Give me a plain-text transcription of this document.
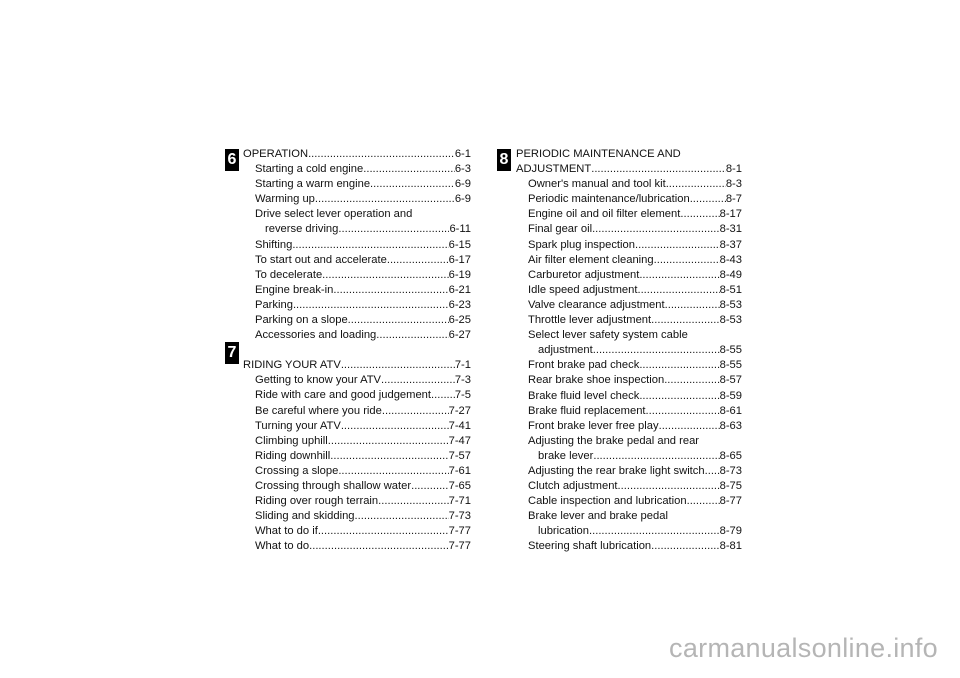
6
7
8
OPERATION .....	6-1
Starting a cold engine .....	6-3
Starting a warm engine .....	6-9
Warming up .....	6-9
Drive select lever operation and
reverse driving .....	6-11
Shifting .....	6-15
To start out and accelerate .....	6-17
To decelerate .....	6-19
Engine break-in .....	6-21
Parking .....	6-23
Parking on a slope .....	6-25
Accessories and loading .....	6-27
RIDING YOUR ATV .....	7-1
Getting to know your ATV .....	7-3
Ride with care and good judgement ..... 7-5
Be careful where you ride .....	7-27
Turning your ATV .....	7-41
Climbing uphill .....	7-47
Riding downhill .....	7-57
Crossing a slope .....	7-61
Crossing through shallow water .....	7-65
Riding over rough terrain .....	7-71
Sliding and skidding .....	7-73
What to do if .....	7-77
What to do .....	7-77
PERIODIC MAINTENANCE AND
ADJUSTMENT .....	8-1
Owner's manual and tool kit .....	8-3
Periodic maintenance/lubrication .....	8-7
Engine oil and oil filter element .....	8-17
Final gear oil .....	8-31
Spark plug inspection .....	8-37
Air filter element cleaning .....	8-43
Carburetor adjustment .....	8-49
Idle speed adjustment .....	8-51
Valve clearance adjustment .....	8-53
Throttle lever adjustment .....	8-53
Select lever safety system cable
adjustment .....	8-55
Front brake pad check .....	8-55
Rear brake shoe inspection .....	8-57
Brake fluid level check .....	8-59
Brake fluid replacement .....	8-61
Front brake lever free play .....	8-63
Adjusting the brake pedal and rear
brake lever .....	8-65
Adjusting the rear brake light switch ..... 8-73
Clutch adjustment .....	8-75
Cable inspection and lubrication .....	8-77
Brake lever and brake pedal
lubrication .....	8-79
Steering shaft lubrication .....	8-81
carmanualsonline.info
